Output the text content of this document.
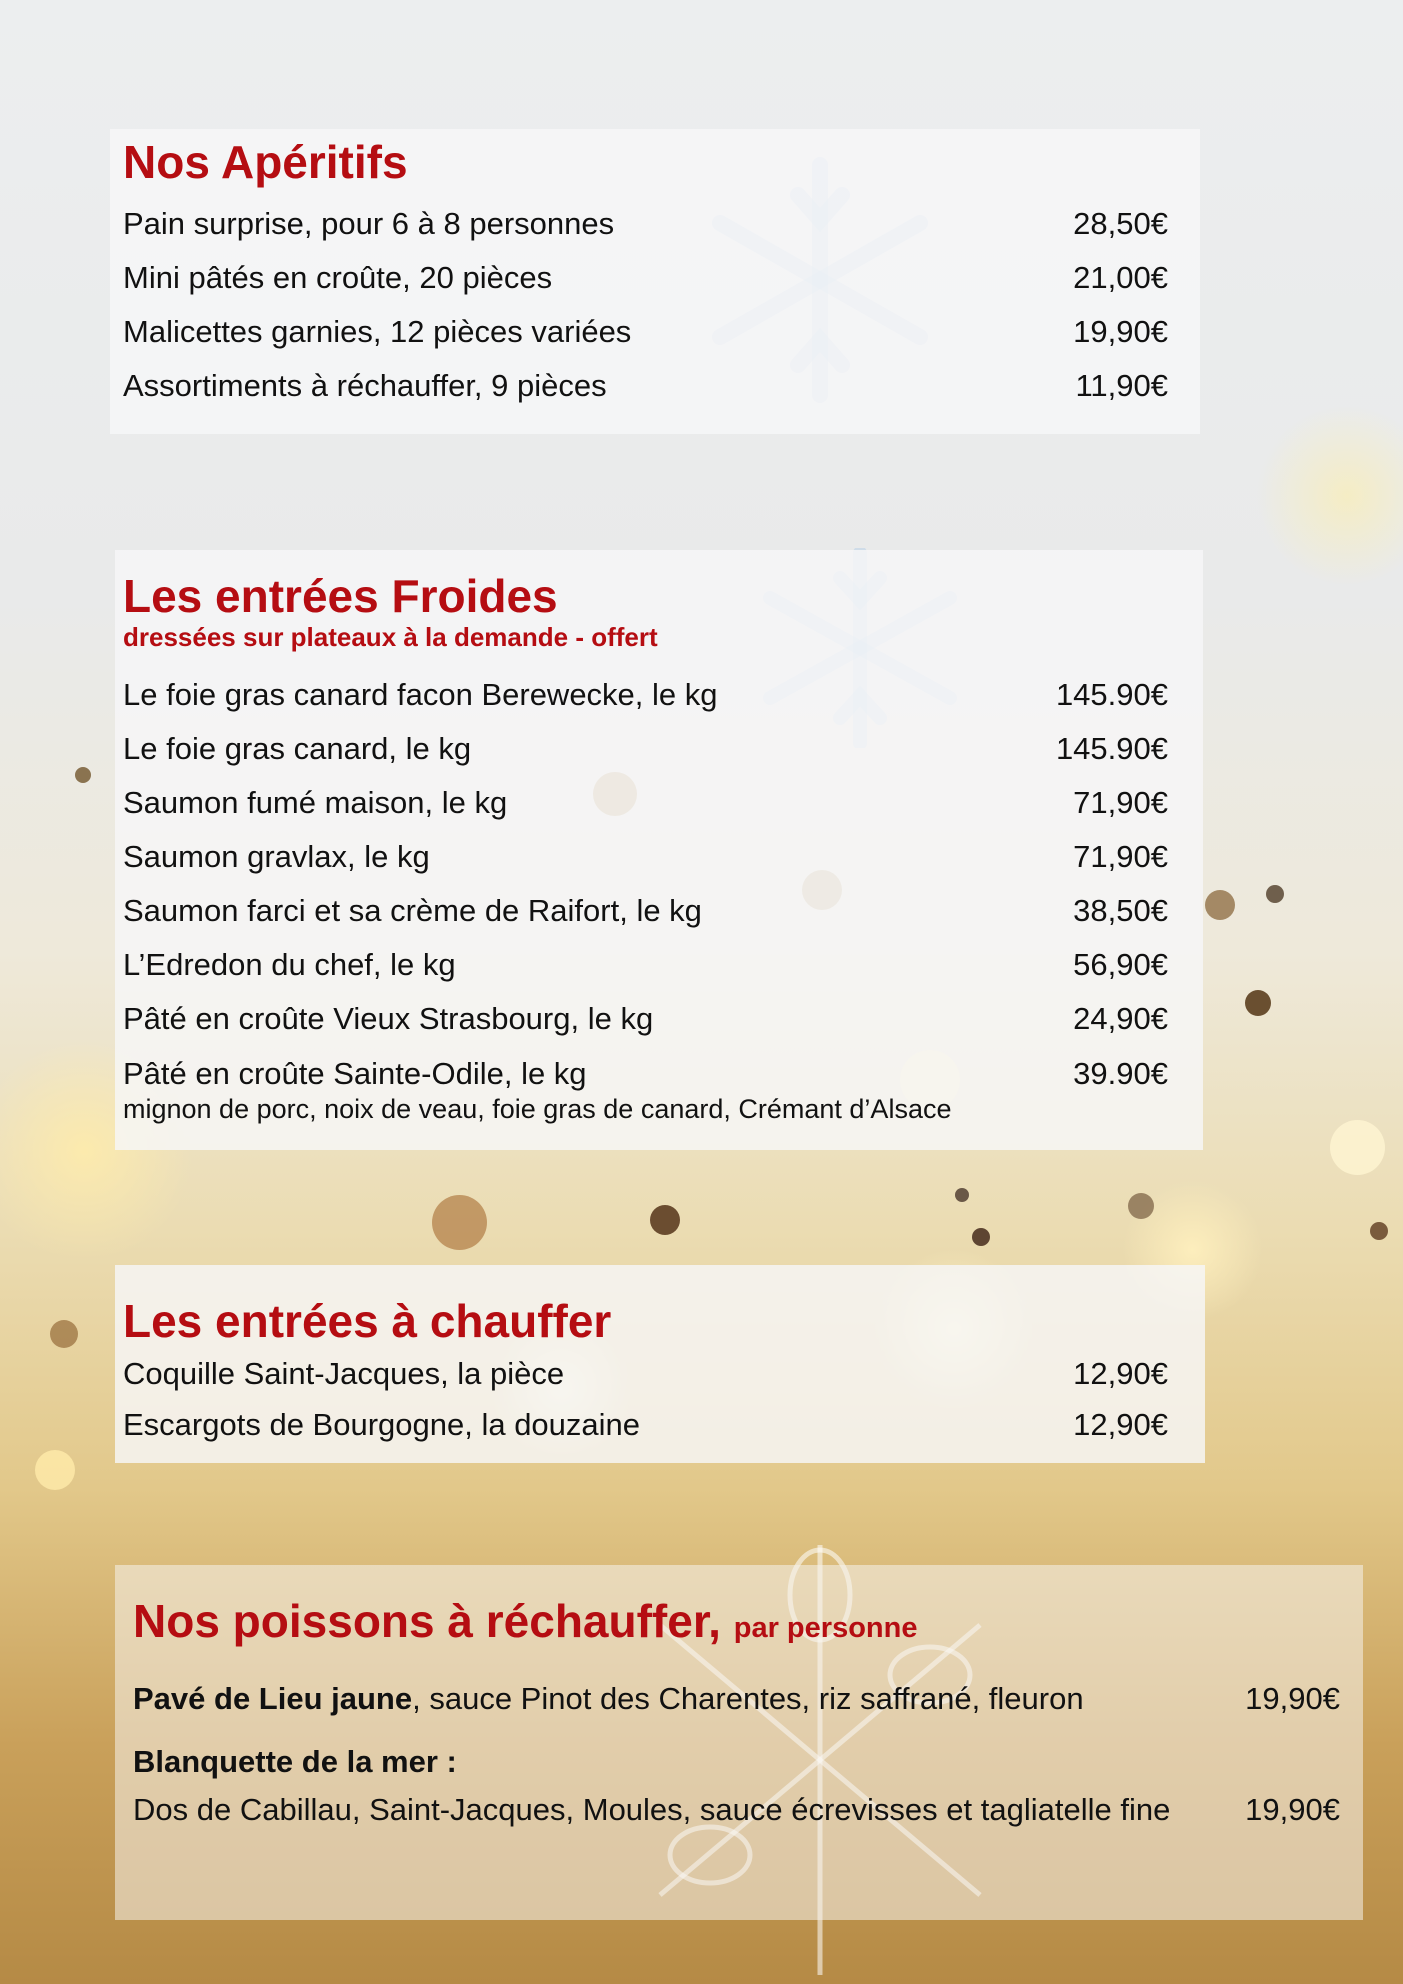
Nos Apéritifs
Pain surprise, pour 6 à 8 personnes	28,50€
Mini pâtés en croûte, 20 pièces	21,00€
Malicettes garnies, 12 pièces variées	19,90€
Assortiments à réchauffer, 9 pièces	11,90€
Les entrées Froides
dressées sur plateaux à la demande - offert
Le foie gras canard facon Berewecke, le kg	145.90€
Le foie gras canard, le kg	145.90€
Saumon fumé maison, le kg	71,90€
Saumon gravlax, le kg	71,90€
Saumon farci et sa crème de Raifort, le kg	38,50€
L’Edredon du chef, le kg	56,90€
Pâté en croûte Vieux Strasbourg, le kg	24,90€
Pâté en croûte Sainte-Odile, le kg	39.90€
mignon de porc, noix de veau, foie gras de canard, Crémant d’Alsace
Les entrées à chauffer
Coquille Saint-Jacques, la pièce	12,90€
Escargots de Bourgogne, la douzaine	12,90€
Nos poissons à réchauffer, par personne
Pavé de Lieu jaune, sauce Pinot des Charentes, riz saffrané, fleuron	19,90€
Blanquette de la mer :
Dos de Cabillau, Saint-Jacques, Moules, sauce écrevisses et tagliatelle fine 19,90€
